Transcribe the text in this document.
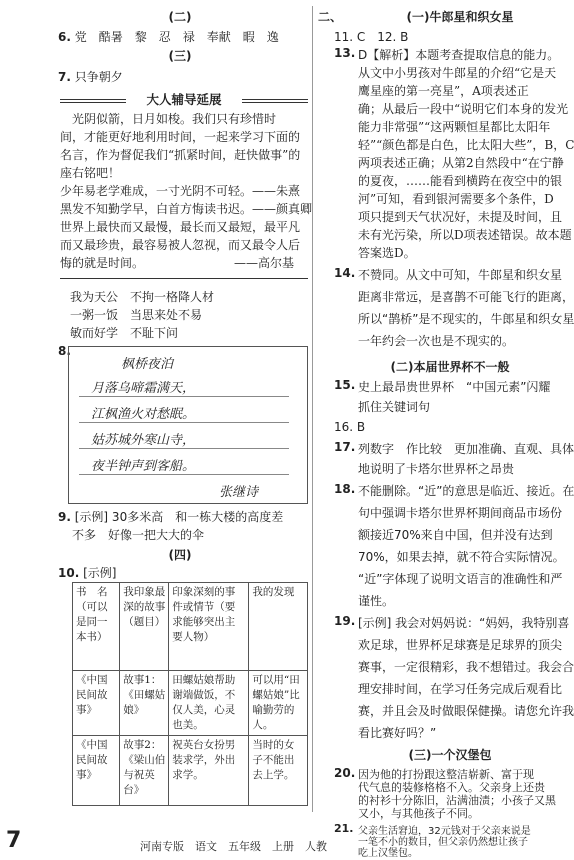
(二)
6. 党　酷暑　黎　忍　禄　奉献　暇　逸
(三)
7. 只争朝夕
大人辅导延展
　光阴似箭，日月如梭。我们只有珍惜时
间，才能更好地利用时间，一起来学习下面的
名言，作为督促我们“抓紧时间，赶快做事”的
座右铭吧！
少年易老学难成，一寸光阴不可轻。——朱熹
黑发不知勤学早，白首方悔读书迟。——颜真卿
世界上最快而又最慢，最长而又最短，最平凡
而又最珍贵，最容易被人忽视，而又最令人后
悔的就是时间。　　　　　　　　——高尔基
我为天公　不拘一格降人材
一粥一饭　当思来处不易
敏而好学　不耻下问
8.
枫桥夜泊
月落乌啼霜满天，
江枫渔火对愁眠。
姑苏城外寒山寺，
夜半钟声到客船。
张继诗
9. [示例] 30多米高　和一栋大楼的高度差
不多　好像一把大大的伞
(四)
10. [示例]
书　名（可以是同一本书）	我印象最深的故事（题目）	印象深刻的事件或情节（要求能够突出主要人物）	我的发现
《中国民间故事》	故事1：《田螺姑娘》	田螺姑娘帮助谢端做饭，不仅人美，心灵也美。	可以用“田螺姑娘”比喻勤劳的人。
《中国民间故事》	故事2：《梁山伯与祝英台》	祝英台女扮男装求学，外出求学。	当时的女子不能出去上学。
二、	(一)牛郎星和织女星
11. C　12. B
13. D【解析】本题考查提取信息的能力。
从文中小男孩对牛郎星的介绍“它是天
鹰星座的第一亮星”，A项表述正
确；从最后一段中“说明它们本身的发光
能力非常强”“这两颗恒星都比太阳年
轻”“颜色都是白色，比太阳大些”，B，C
两项表述正确；从第2自然段中“在宁静
的夏夜，……能看到横跨在夜空中的银
河”可知，看到银河需要多个条件，D
项只提到天气状况好，未提及时间，且
未有光污染，所以D项表述错误。故本题
答案选D。
14. 不赞同。从文中可知，牛郎星和织女星
距离非常远，是喜鹊不可能飞行的距离，
所以“鹊桥”是不现实的，牛郎星和织女星
一年约会一次也是不现实的。
(二)本届世界杯不一般
15. 史上最昂贵世界杯　“中国元素”闪耀
抓住关键词句
16. B
17. 列数字　作比较　更加准确、直观、具体
地说明了卡塔尔世界杯之昂贵
18. 不能删除。“近”的意思是临近、接近。在
句中强调卡塔尔世界杯期间商品市场份
额接近70%来自中国，但并没有达到
70%，如果去掉，就不符合实际情况。
“近”字体现了说明文语言的准确性和严
谨性。
19. [示例] 我会对妈妈说：“妈妈，我特别喜
欢足球，世界杯足球赛是足球界的顶尖
赛事，一定很精彩，我不想错过。我会合
理安排时间，在学习任务完成后观看比
赛，并且会及时做眼保健操。请您允许我
看比赛好吗？”
(三)一个汉堡包
20. 因为他的打扮跟这整洁崭新、富于现
代气息的装修格格不入。父亲身上还贵
的衬衫十分陈旧，沾满油渍；小孩子又黑
又小，与其他孩子不同。
21. 父亲生活窘迫，32元钱对于父亲来说是
一笔不小的数目，但父亲仍然想让孩子
吃上汉堡包。
7	河南专版　语文　五年级　上册　人教
